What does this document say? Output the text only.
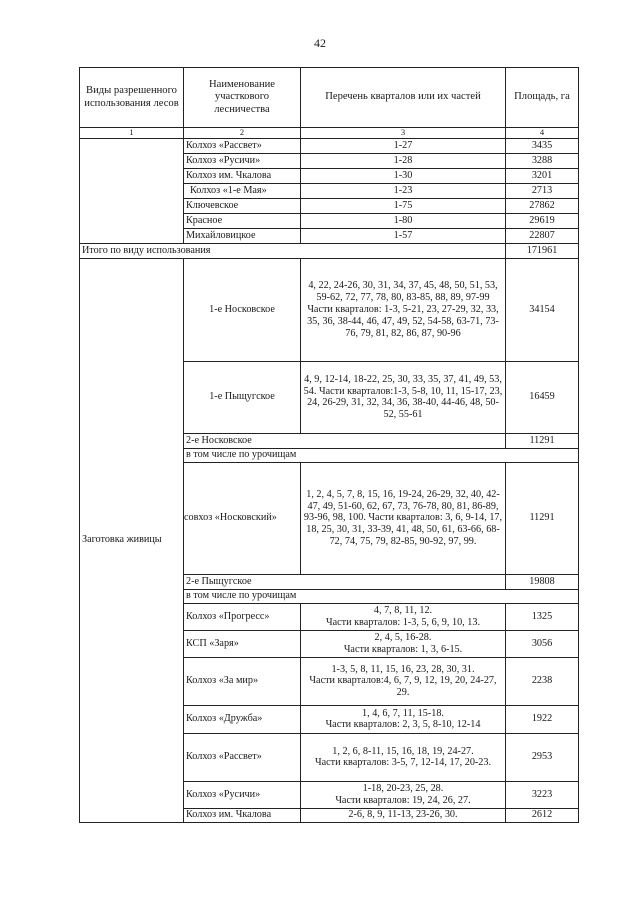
42
Виды разрешенного использования лесов	Наименование участкового лесничества	Перечень кварталов или их частей	Площадь, га
1	2	3	4
	Колхоз «Рассвет»	1-27	3435
	Колхоз «Русичи»	1-28	3288
	Колхоз им. Чкалова	1-30	3201
	Колхоз «1-е Мая»	1-23	2713
	Ключевское	1-75	27862
	Красное	1-80	29619
	Михайловицкое	1-57	22807
Итого по виду использования			171961
Заготовка живицы	1-е Носковское	4, 22, 24-26, 30, 31, 34, 37, 45, 48, 50, 51, 53, 59-62, 72, 77, 78, 80, 83-85, 88, 89, 97-99 Части кварталов: 1-3, 5-21, 23, 27-29, 32, 33, 35, 36, 38-44, 46, 47, 49, 52, 54-58, 63-71, 73-76, 79, 81, 82, 86, 87, 90-96	34154
	1-е Пыщугское	4, 9, 12-14, 18-22, 25, 30, 33, 35, 37, 41, 49, 53, 54. Части кварталов:1-3, 5-8, 10, 11, 15-17, 23, 24, 26-29, 31, 32, 34, 36, 38-40, 44-46, 48, 50-52, 55-61	16459
	2-е Носковское		11291
	в том числе по урочищам		
	совхоз «Носковский»	1, 2, 4, 5, 7, 8, 15, 16, 19-24, 26-29, 32, 40, 42-47, 49, 51-60, 62, 67, 73, 76-78, 80, 81, 86-89, 93-96, 98, 100. Части кварталов: 3, 6, 9-14, 17, 18, 25, 30, 31, 33-39, 41, 48, 50, 61, 63-66, 68-72, 74, 75, 79, 82-85, 90-92, 97, 99.	11291
	2-е Пыщугское		19808
	в том числе по урочищам		
	Колхоз «Прогресс»	4, 7, 8, 11, 12.
Части кварталов: 1-3, 5, 6, 9, 10, 13.	1325
	КСП «Заря»	2, 4, 5, 16-28.
Части кварталов: 1, 3, 6-15.	3056
	Колхоз «За мир»	1-3, 5, 8, 11, 15, 16, 23, 28, 30, 31.
Части кварталов:4, 6, 7, 9, 12, 19, 20, 24-27, 29.	2238
	Колхоз «Дружба»	1, 4, 6, 7, 11, 15-18.
Части кварталов: 2, 3, 5, 8-10, 12-14	1922
	Колхоз «Рассвет»	1, 2, 6, 8-11, 15, 16, 18, 19, 24-27.
Части кварталов: 3-5, 7, 12-14, 17, 20-23.	2953
	Колхоз «Русичи»	1-18, 20-23, 25, 28.
Части кварталов: 19, 24, 26, 27.	3223
	Колхоз им. Чкалова	2-6, 8, 9, 11-13, 23-26, 30.	2612
